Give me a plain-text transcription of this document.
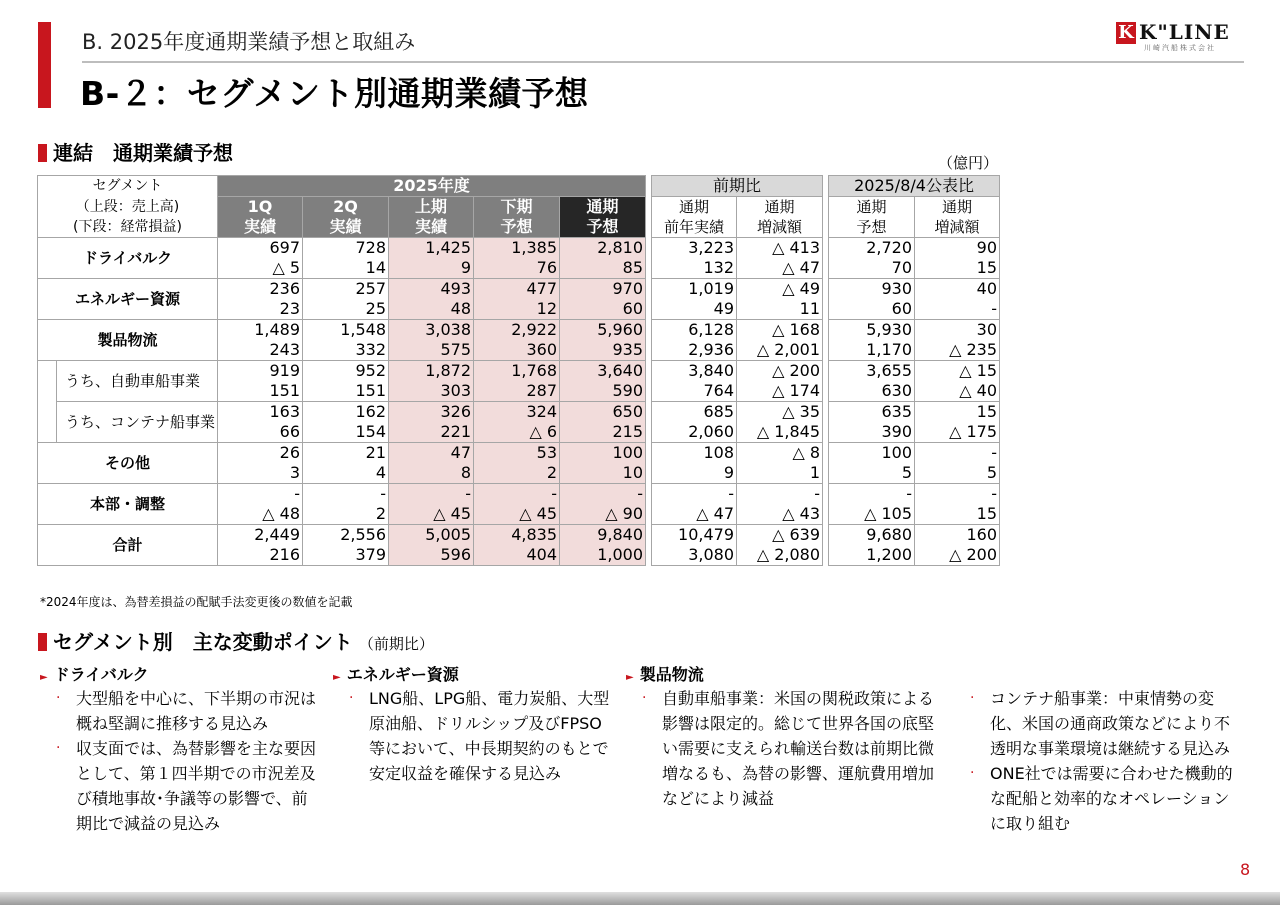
B. 2025年度通期業績予想と取組み
B-２：セグメント別通期業績予想
K K"LINE
川崎汽船株式会社
連結　通期業績予想	（億円）
セグメント		2025年度						前期比			2025/8/4公表比	
（上段：売上高)		1Q	2Q	上期	下期	通期		通期	通期		通期	通期
(下段：経常損益)		実績	実績	実績	予想	予想		前年実績	増減額		予想	増減額
ドライバルク		697	728	1,425	1,385	2,810		3,223	△ 413		2,720	90
		△ 5	14	9	76	85		132	△ 47		70	15
エネルギー資源		236	257	493	477	970		1,019	△ 49		930	40
		23	25	48	12	60		49	11		60	-
製品物流		1,489	1,548	3,038	2,922	5,960		6,128	△ 168		5,930	30
		243	332	575	360	935		2,936	△ 2,001		1,170	△ 235
	うち、自動車船事業	919	952	1,872	1,768	3,640		3,840	△ 200		3,655	△ 15
		151	151	303	287	590		764	△ 174		630	△ 40
	うち、コンテナ船事業	163	162	326	324	650		685	△ 35		635	15
		66	154	221	△ 6	215		2,060	△ 1,845		390	△ 175
その他		26	21	47	53	100		108	△ 8		100	-
		3	4	8	2	10		9	1		5	5
本部・調整		-	-	-	-	-		-	-		-	-
		△ 48	2	△ 45	△ 45	△ 90		△ 47	△ 43		△ 105	15
合計		2,449	2,556	5,005	4,835	9,840		10,479	△ 639		9,680	160
		216	379	596	404	1,000		3,080	△ 2,080		1,200	△ 200
*2024年度は、為替差損益の配賦手法変更後の数値を記載
セグメント別　主な変動ポイント （前期比）
► ドライバルク
· 大型船を中心に、下半期の市況は概ね堅調に推移する見込み
· 収支面では、為替影響を主な要因として、第１四半期での市況差及び積地事故･争議等の影響で、前期比で減益の見込み
► エネルギー資源
· LNG船、LPG船、電力炭船、大型原油船、ドリルシップ及びFPSO等において、中長期契約のもとで安定収益を確保する見込み
► 製品物流
· 自動車船事業：米国の関税政策による影響は限定的。総じて世界各国の底堅い需要に支えられ輸送台数は前期比微増なるも、為替の影響、運航費用増加などにより減益
· コンテナ船事業：中東情勢の変化、米国の通商政策などにより不透明な事業環境は継続する見込み
· ONE社では需要に合わせた機動的な配船と効率的なオペレーションに取り組む
8
